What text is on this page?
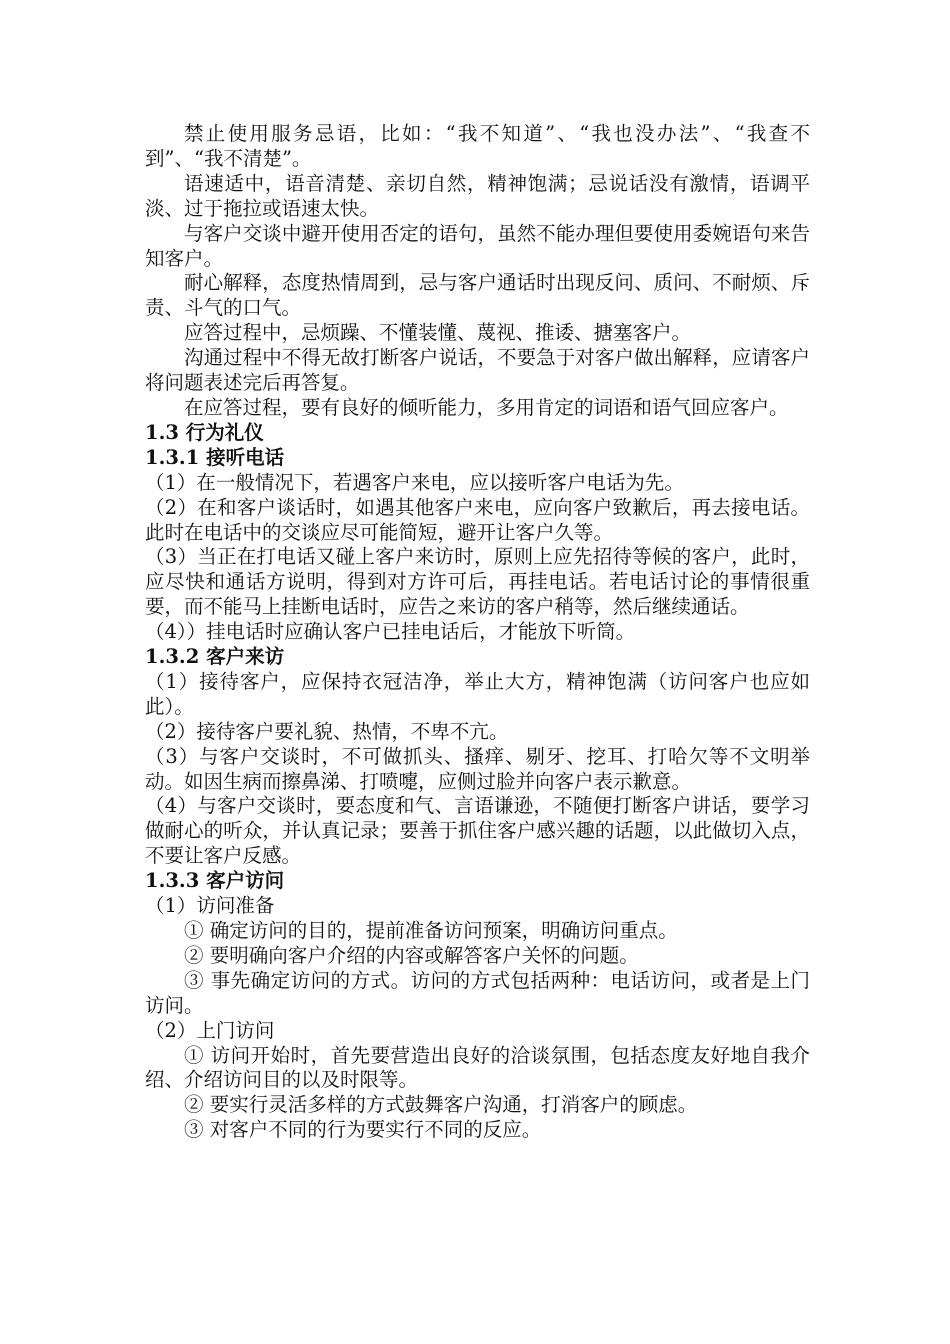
禁止使用服务忌语，比如：“我不知道”、“我也没办法”、“我查不到”、“我不清楚”。

语速适中，语音清楚、亲切自然，精神饱满；忌说话没有激情，语调平淡、过于拖拉或语速太快。

与客户交谈中避开使用否定的语句，虽然不能办理但要使用委婉语句来告知客户。

耐心解释，态度热情周到，忌与客户通话时出现反问、质问、不耐烦、斥责、斗气的口气。

应答过程中，忌烦躁、不懂装懂、蔑视、推诿、搪塞客户。

沟通过程中不得无故打断客户说话，不要急于对客户做出解释，应请客户将问题表述完后再答复。

在应答过程，要有良好的倾听能力，多用肯定的词语和语气回应客户。

1.3 行为礼仪

1.3.1 接听电话

（1）在一般情况下，若遇客户来电，应以接听客户电话为先。

（2）在和客户谈话时，如遇其他客户来电，应向客户致歉后，再去接电话。此时在电话中的交谈应尽可能简短，避开让客户久等。

（3）当正在打电话又碰上客户来访时，原则上应先招待等候的客户，此时，应尽快和通话方说明，得到对方许可后，再挂电话。若电话讨论的事情很重要，而不能马上挂断电话时，应告之来访的客户稍等，然后继续通话。

（4））挂电话时应确认客户已挂电话后，才能放下听筒。

1.3.2 客户来访

（1）接待客户，应保持衣冠洁净，举止大方，精神饱满（访问客户也应如此）。

（2）接待客户要礼貌、热情，不卑不亢。

（3）与客户交谈时，不可做抓头、搔痒、剔牙、挖耳、打哈欠等不文明举动。如因生病而擦鼻涕、打喷嚏，应侧过脸并向客户表示歉意。

（4）与客户交谈时，要态度和气、言语谦逊，不随便打断客户讲话，要学习做耐心的听众，并认真记录；要善于抓住客户感兴趣的话题，以此做切入点，不要让客户反感。

1.3.3 客户访问

（1）访问准备

① 确定访问的目的，提前准备访问预案，明确访问重点。

② 要明确向客户介绍的内容或解答客户关怀的问题。

③ 事先确定访问的方式。访问的方式包括两种：电话访问，或者是上门访问。

（2）上门访问

① 访问开始时，首先要营造出良好的洽谈氛围，包括态度友好地自我介绍、介绍访问目的以及时限等。

② 要实行灵活多样的方式鼓舞客户沟通，打消客户的顾虑。

③ 对客户不同的行为要实行不同的反应。
